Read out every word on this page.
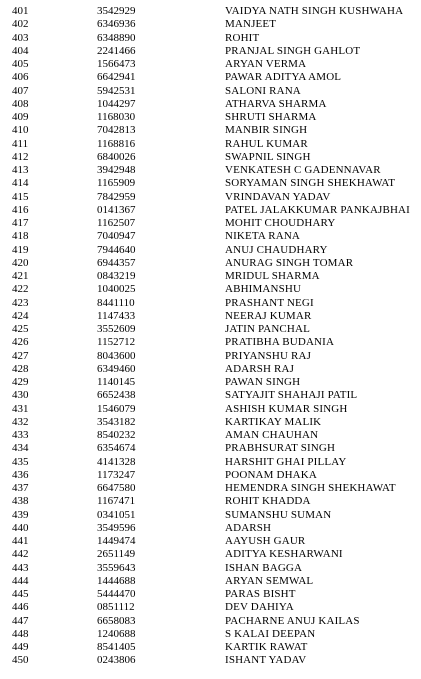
401	3542929	VAIDYA NATH SINGH KUSHWAHA
402	6346936	MANJEET
403	6348890	ROHIT
404	2241466	PRANJAL SINGH GAHLOT
405	1566473	ARYAN VERMA
406	6642941	PAWAR ADITYA AMOL
407	5942531	SALONI RANA
408	1044297	ATHARVA SHARMA
409	1168030	SHRUTI SHARMA
410	7042813	MANBIR SINGH
411	1168816	RAHUL KUMAR
412	6840026	SWAPNIL SINGH
413	3942948	VENKATESH C GADENNAVAR
414	1165909	SORYAMAN SINGH SHEKHAWAT
415	7842959	VRINDAVAN YADAV
416	0141367	PATEL JALAKKUMAR PANKAJBHAI
417	1162507	MOHIT CHOUDHARY
418	7040947	NIKETA RANA
419	7944640	ANUJ CHAUDHARY
420	6944357	ANURAG SINGH TOMAR
421	0843219	MRIDUL SHARMA
422	1040025	ABHIMANSHU
423	8441110	PRASHANT NEGI
424	1147433	NEERAJ KUMAR
425	3552609	JATIN PANCHAL
426	1152712	PRATIBHA BUDANIA
427	8043600	PRIYANSHU RAJ
428	6349460	ADARSH RAJ
429	1140145	PAWAN SINGH
430	6652438	SATYAJIT SHAHAJI PATIL
431	1546079	ASHISH KUMAR SINGH
432	3543182	KARTIKAY MALIK
433	8540232	AMAN CHAUHAN
434	6354674	PRABHSURAT SINGH
435	4141328	HARSHIT GHAI PILLAY
436	1173247	POONAM DHAKA
437	6647580	HEMENDRA SINGH SHEKHAWAT
438	1167471	ROHIT KHADDA
439	0341051	SUMANSHU SUMAN
440	3549596	ADARSH
441	1449474	AAYUSH GAUR
442	2651149	ADITYA KESHARWANI
443	3559643	ISHAN BAGGA
444	1444688	ARYAN SEMWAL
445	5444470	PARAS BISHT
446	0851112	DEV DAHIYA
447	6658083	PACHARNE ANUJ KAILAS
448	1240688	S KALAI DEEPAN
449	8541405	KARTIK RAWAT
450	0243806	ISHANT YADAV
